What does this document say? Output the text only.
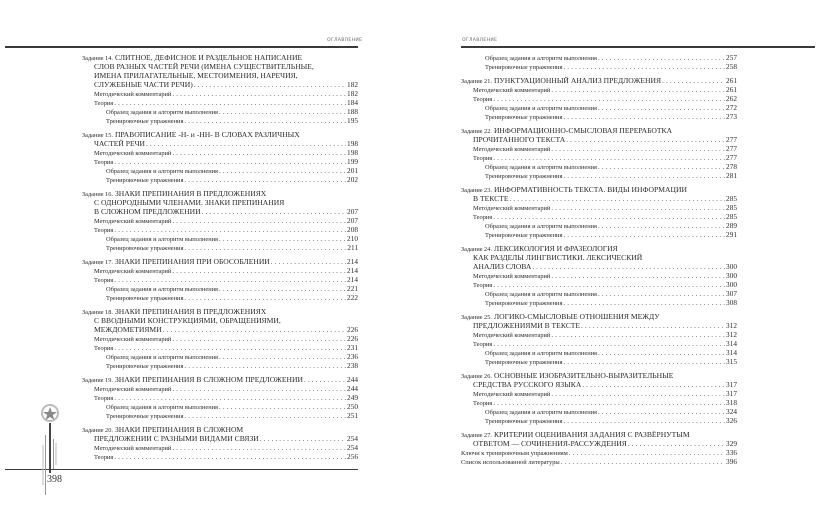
ОГЛАВЛЕНИЕ	ОГЛАВЛЕНИЕ
Задание 14. СЛИТНОЕ, ДЕФИСНОЕ И РАЗДЕЛЬНОЕ НАПИСАНИЕ
СЛОВ РАЗНЫХ ЧАСТЕЙ РЕЧИ (ИМЕНА СУЩЕСТВИТЕЛЬНЫЕ,
ИМЕНА ПРИЛАГАТЕЛЬНЫЕ, МЕСТОИМЕНИЯ, НАРЕЧИЯ,
СЛУЖЕБНЫЕ ЧАСТИ РЕЧИ) . . .	182
Методический комментарий . . .	182
Теория . . .	184
Образец задания и алгоритм выполнения . . .	188
Тренировочные упражнения . . .	195
Задание 15. ПРАВОПИСАНИЕ -Н- и -НН- В СЛОВАХ РАЗЛИЧНЫХ
ЧАСТЕЙ РЕЧИ . . .	198
Методический комментарий . . .	198
Теория . . .	199
Образец задания и алгоритм выполнения . . .	201
Тренировочные упражнения . . .	202
Задание 16. ЗНАКИ ПРЕПИНАНИЯ В ПРЕДЛОЖЕНИЯХ
С ОДНОРОДНЫМИ ЧЛЕНАМИ. ЗНАКИ ПРЕПИНАНИЯ
В СЛОЖНОМ ПРЕДЛОЖЕНИИ . . .	207
Методический комментарий . . .	207
Теория . . .	208
Образец задания и алгоритм выполнения . . .	210
Тренировочные упражнения . . .	211
Задание 17. ЗНАКИ ПРЕПИНАНИЯ ПРИ ОБОСОБЛЕНИИ . . .	214
Методический комментарий . . .	214
Теория . . .	214
Образец задания и алгоритм выполнения . . .	221
Тренировочные упражнения . . .	222
Задание 18. ЗНАКИ ПРЕПИНАНИЯ В ПРЕДЛОЖЕНИЯХ
С ВВОДНЫМИ КОНСТРУКЦИЯМИ, ОБРАЩЕНИЯМИ,
МЕЖДОМЕТИЯМИ . . .	226
Методический комментарий . . .	226
Теория . . .	231
Образец задания и алгоритм выполнения . . .	236
Тренировочные упражнения . . .	238
Задание 19. ЗНАКИ ПРЕПИНАНИЯ В СЛОЖНОМ ПРЕДЛОЖЕНИИ . . .	244
Методический комментарий . . .	244
Теория . . .	249
Образец задания и алгоритм выполнения . . .	250
Тренировочные упражнения . . .	251
Задание 20. ЗНАКИ ПРЕПИНАНИЯ В СЛОЖНОМ
ПРЕДЛОЖЕНИИ С РАЗНЫМИ ВИДАМИ СВЯЗИ . . .	254
Методический комментарий . . .	254
Теория . . .	256
Образец задания и алгоритм выполнения . . .	257
Тренировочные упражнения . . .	258
Задание 21. ПУНКТУАЦИОННЫЙ АНАЛИЗ ПРЕДЛОЖЕНИЯ . . .	261
Методический комментарий . . .	261
Теория . . .	262
Образец задания и алгоритм выполнения . . .	272
Тренировочные упражнения . . .	273
Задание 22. ИНФОРМАЦИОННО-СМЫСЛОВАЯ ПЕРЕРАБОТКА
ПРОЧИТАННОГО ТЕКСТА . . .	277
Методический комментарий . . .	277
Теория . . .	277
Образец задания и алгоритм выполнения . . .	278
Тренировочные упражнения . . .	281
Задание 23. ИНФОРМАТИВНОСТЬ ТЕКСТА. ВИДЫ ИНФОРМАЦИИ
В ТЕКСТЕ . . .	285
Методический комментарий . . .	285
Теория . . .	285
Образец задания и алгоритм выполнения . . .	289
Тренировочные упражнения . . .	291
Задание 24. ЛЕКСИКОЛОГИЯ И ФРАЗЕОЛОГИЯ
КАК РАЗДЕЛЫ ЛИНГВИСТИКИ. ЛЕКСИЧЕСКИЙ
АНАЛИЗ СЛОВА . . .	300
Методический комментарий . . .	300
Теория . . .	300
Образец задания и алгоритм выполнения . . .	307
Тренировочные упражнения . . .	308
Задание 25. ЛОГИКО-СМЫСЛОВЫЕ ОТНОШЕНИЯ МЕЖДУ
ПРЕДЛОЖЕНИЯМИ В ТЕКСТЕ . . .	312
Методический комментарий . . .	312
Теория . . .	314
Образец задания и алгоритм выполнения . . .	314
Тренировочные упражнения . . .	315
Задание 26. ОСНОВНЫЕ ИЗОБРАЗИТЕЛЬНО-ВЫРАЗИТЕЛЬНЫЕ
СРЕДСТВА РУССКОГО ЯЗЫКА . . .	317
Методический комментарий . . .	317
Теория . . .	318
Образец задания и алгоритм выполнения . . .	324
Тренировочные упражнения . . .	326
Задание 27. КРИТЕРИИ ОЦЕНИВАНИЯ ЗАДАНИЯ С РАЗВЁРНУТЫМ
ОТВЕТОМ — СОЧИНЕНИЯ-РАССУЖДЕНИЯ . . .	329
Ключи к тренировочным упражнениям . . .	336
Список использованной литературы . . .	396
398
